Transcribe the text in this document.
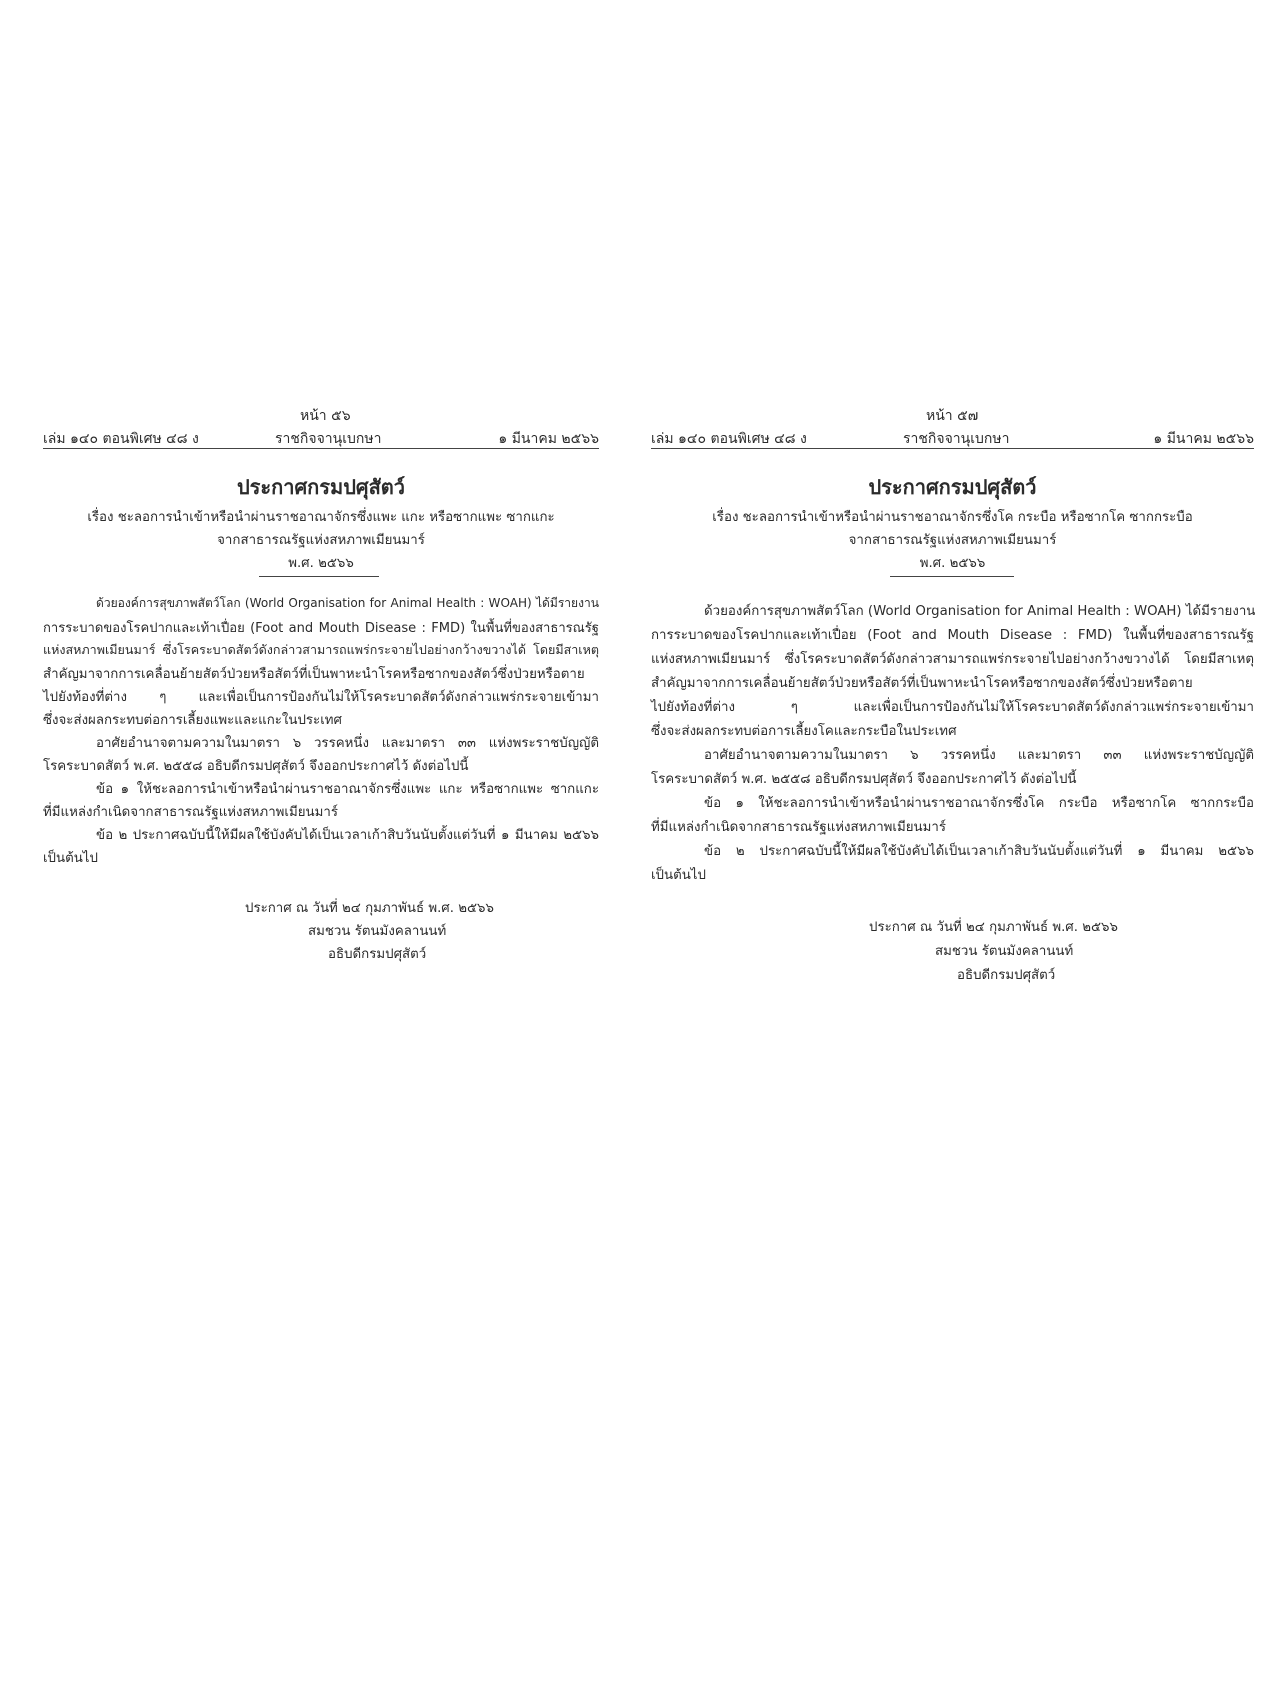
หน้า ๕๖
เล่ม ๑๔๐ ตอนพิเศษ ๔๘ ง	ราชกิจจานุเบกษา	๑ มีนาคม ๒๕๖๖
ประกาศกรมปศุสัตว์
เรื่อง ชะลอการนำเข้าหรือนำผ่านราชอาณาจักรซึ่งแพะ แกะ หรือซากแพะ ซากแกะ
จากสาธารณรัฐแห่งสหภาพเมียนมาร์
พ.ศ. ๒๕๖๖
ด้วยองค์การสุขภาพสัตว์โลก (World Organisation for Animal Health : WOAH) ได้มีรายงาน
การระบาดของโรคปากและเท้าเปื่อย (Foot and Mouth Disease : FMD) ในพื้นที่ของสาธารณรัฐ
แห่งสหภาพเมียนมาร์ ซึ่งโรคระบาดสัตว์ดังกล่าวสามารถแพร่กระจายไปอย่างกว้างขวางได้ โดยมีสาเหตุ
สำคัญมาจากการเคลื่อนย้ายสัตว์ป่วยหรือสัตว์ที่เป็นพาหะนำโรคหรือซากของสัตว์ซึ่งป่วยหรือตาย
ไปยังท้องที่ต่าง ๆ และเพื่อเป็นการป้องกันไม่ให้โรคระบาดสัตว์ดังกล่าวแพร่กระจายเข้ามา
ซึ่งจะส่งผลกระทบต่อการเลี้ยงแพะและแกะในประเทศ
อาศัยอำนาจตามความในมาตรา ๖ วรรคหนึ่ง และมาตรา ๓๓ แห่งพระราชบัญญัติ
โรคระบาดสัตว์ พ.ศ. ๒๕๕๘ อธิบดีกรมปศุสัตว์ จึงออกประกาศไว้ ดังต่อไปนี้
ข้อ ๑ ให้ชะลอการนำเข้าหรือนำผ่านราชอาณาจักรซึ่งแพะ แกะ หรือซากแพะ ซากแกะ
ที่มีแหล่งกำเนิดจากสาธารณรัฐแห่งสหภาพเมียนมาร์
ข้อ ๒ ประกาศฉบับนี้ให้มีผลใช้บังคับได้เป็นเวลาเก้าสิบวันนับตั้งแต่วันที่ ๑ มีนาคม ๒๕๖๖
เป็นต้นไป
ประกาศ ณ วันที่ ๒๔ กุมภาพันธ์ พ.ศ. ๒๕๖๖
สมชวน รัตนมังคลานนท์
อธิบดีกรมปศุสัตว์
หน้า ๕๗
เล่ม ๑๔๐ ตอนพิเศษ ๔๘ ง	ราชกิจจานุเบกษา	๑ มีนาคม ๒๕๖๖
ประกาศกรมปศุสัตว์
เรื่อง ชะลอการนำเข้าหรือนำผ่านราชอาณาจักรซึ่งโค กระบือ หรือซากโค ซากกระบือ
จากสาธารณรัฐแห่งสหภาพเมียนมาร์
พ.ศ. ๒๕๖๖
ด้วยองค์การสุขภาพสัตว์โลก (World Organisation for Animal Health : WOAH) ได้มีรายงาน
การระบาดของโรคปากและเท้าเปื่อย (Foot and Mouth Disease : FMD) ในพื้นที่ของสาธารณรัฐ
แห่งสหภาพเมียนมาร์ ซึ่งโรคระบาดสัตว์ดังกล่าวสามารถแพร่กระจายไปอย่างกว้างขวางได้ โดยมีสาเหตุ
สำคัญมาจากการเคลื่อนย้ายสัตว์ป่วยหรือสัตว์ที่เป็นพาหะนำโรคหรือซากของสัตว์ซึ่งป่วยหรือตาย
ไปยังท้องที่ต่าง ๆ และเพื่อเป็นการป้องกันไม่ให้โรคระบาดสัตว์ดังกล่าวแพร่กระจายเข้ามา
ซึ่งจะส่งผลกระทบต่อการเลี้ยงโคและกระบือในประเทศ
อาศัยอำนาจตามความในมาตรา ๖ วรรคหนึ่ง และมาตรา ๓๓ แห่งพระราชบัญญัติ
โรคระบาดสัตว์ พ.ศ. ๒๕๕๘ อธิบดีกรมปศุสัตว์ จึงออกประกาศไว้ ดังต่อไปนี้
ข้อ ๑ ให้ชะลอการนำเข้าหรือนำผ่านราชอาณาจักรซึ่งโค กระบือ หรือซากโค ซากกระบือ
ที่มีแหล่งกำเนิดจากสาธารณรัฐแห่งสหภาพเมียนมาร์
ข้อ ๒ ประกาศฉบับนี้ให้มีผลใช้บังคับได้เป็นเวลาเก้าสิบวันนับตั้งแต่วันที่ ๑ มีนาคม ๒๕๖๖
เป็นต้นไป
ประกาศ ณ วันที่ ๒๔ กุมภาพันธ์ พ.ศ. ๒๕๖๖
สมชวน รัตนมังคลานนท์
อธิบดีกรมปศุสัตว์
